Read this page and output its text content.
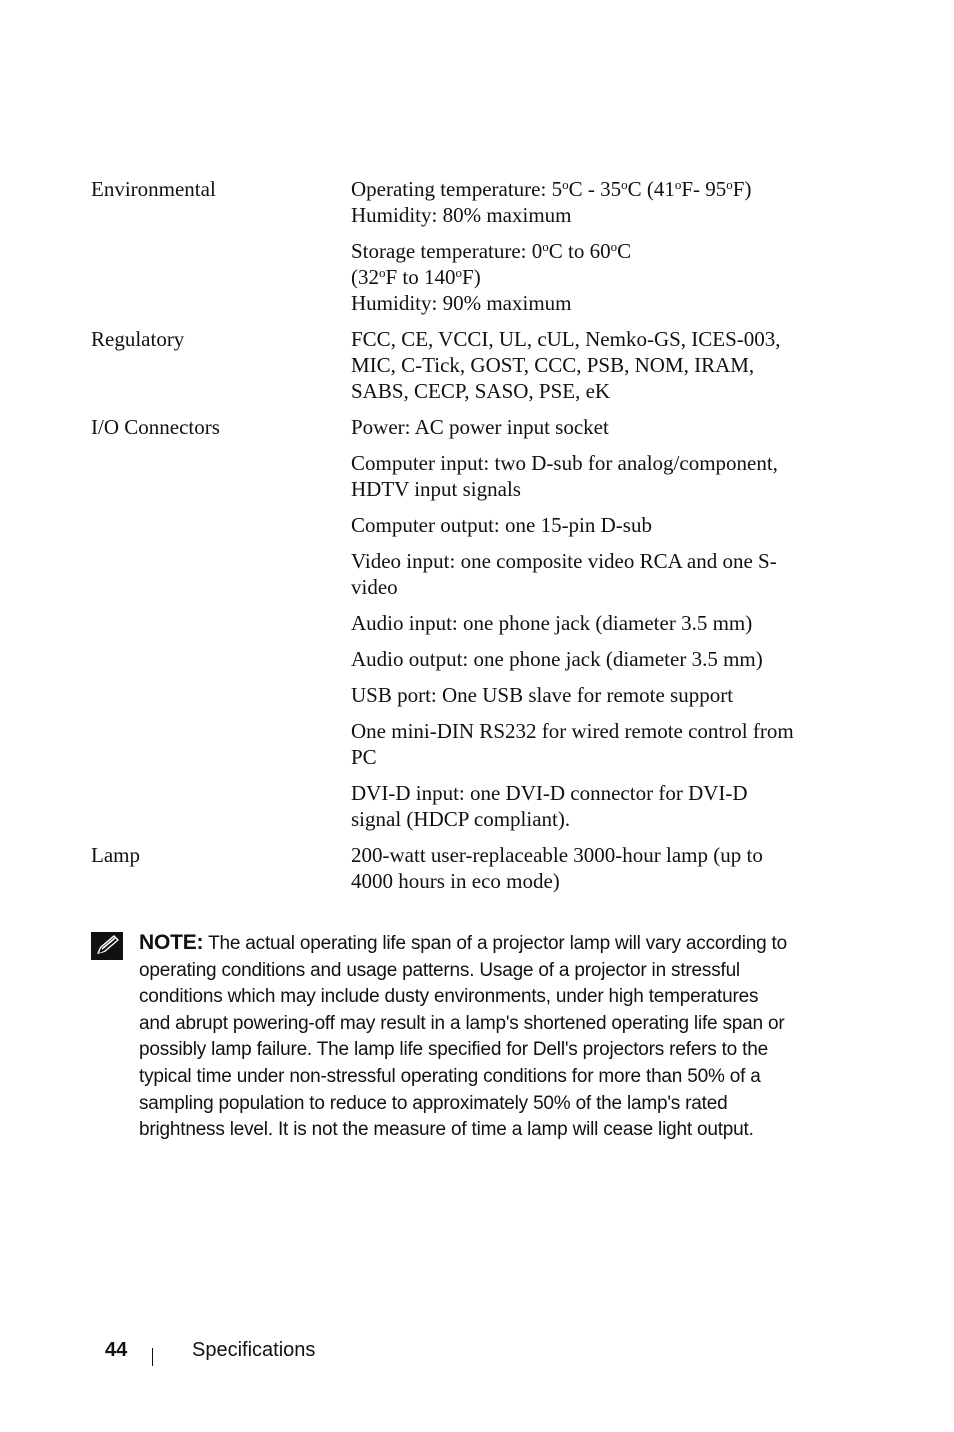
Environmental	Operating temperature: 5$^o$C - 35$^o$C (41$^o$F- 95$^o$F)
Humidity: 80% maximum
Storage temperature: 0$^o$C to 60$^o$C
(32$^o$F to 140$^o$F)
Humidity: 90% maximum
Regulatory	FCC, CE, VCCI, UL, cUL, Nemko-GS, ICES-003,
MIC, C-Tick, GOST, CCC, PSB, NOM, IRAM,
SABS, CECP, SASO, PSE, eK
I/O Connectors	Power: AC power input socket
Computer input: two D-sub for analog/component,
HDTV input signals
Computer output: one 15-pin D-sub
Video input: one composite video RCA and one S-
video
Audio input: one phone jack (diameter 3.5 mm)
Audio output: one phone jack (diameter 3.5 mm)
USB port: One USB slave for remote support
One mini-DIN RS232 for wired remote control from
PC
DVI-D input: one DVI-D connector for DVI-D
signal (HDCP compliant).
Lamp	200-watt user-replaceable 3000-hour lamp (up to
4000 hours in eco mode)
NOTE: The actual operating life span of a projector lamp will vary according to
operating conditions and usage patterns. Usage of a projector in stressful
conditions which may include dusty environments, under high temperatures
and abrupt powering-off may result in a lamp's shortened operating life span or
possibly lamp failure. The lamp life specified for Dell's projectors refers to the
typical time under non-stressful operating conditions for more than 50% of a
sampling population to reduce to approximately 50% of the lamp's rated
brightness level. It is not the measure of time a lamp will cease light output.
44	Specifications
